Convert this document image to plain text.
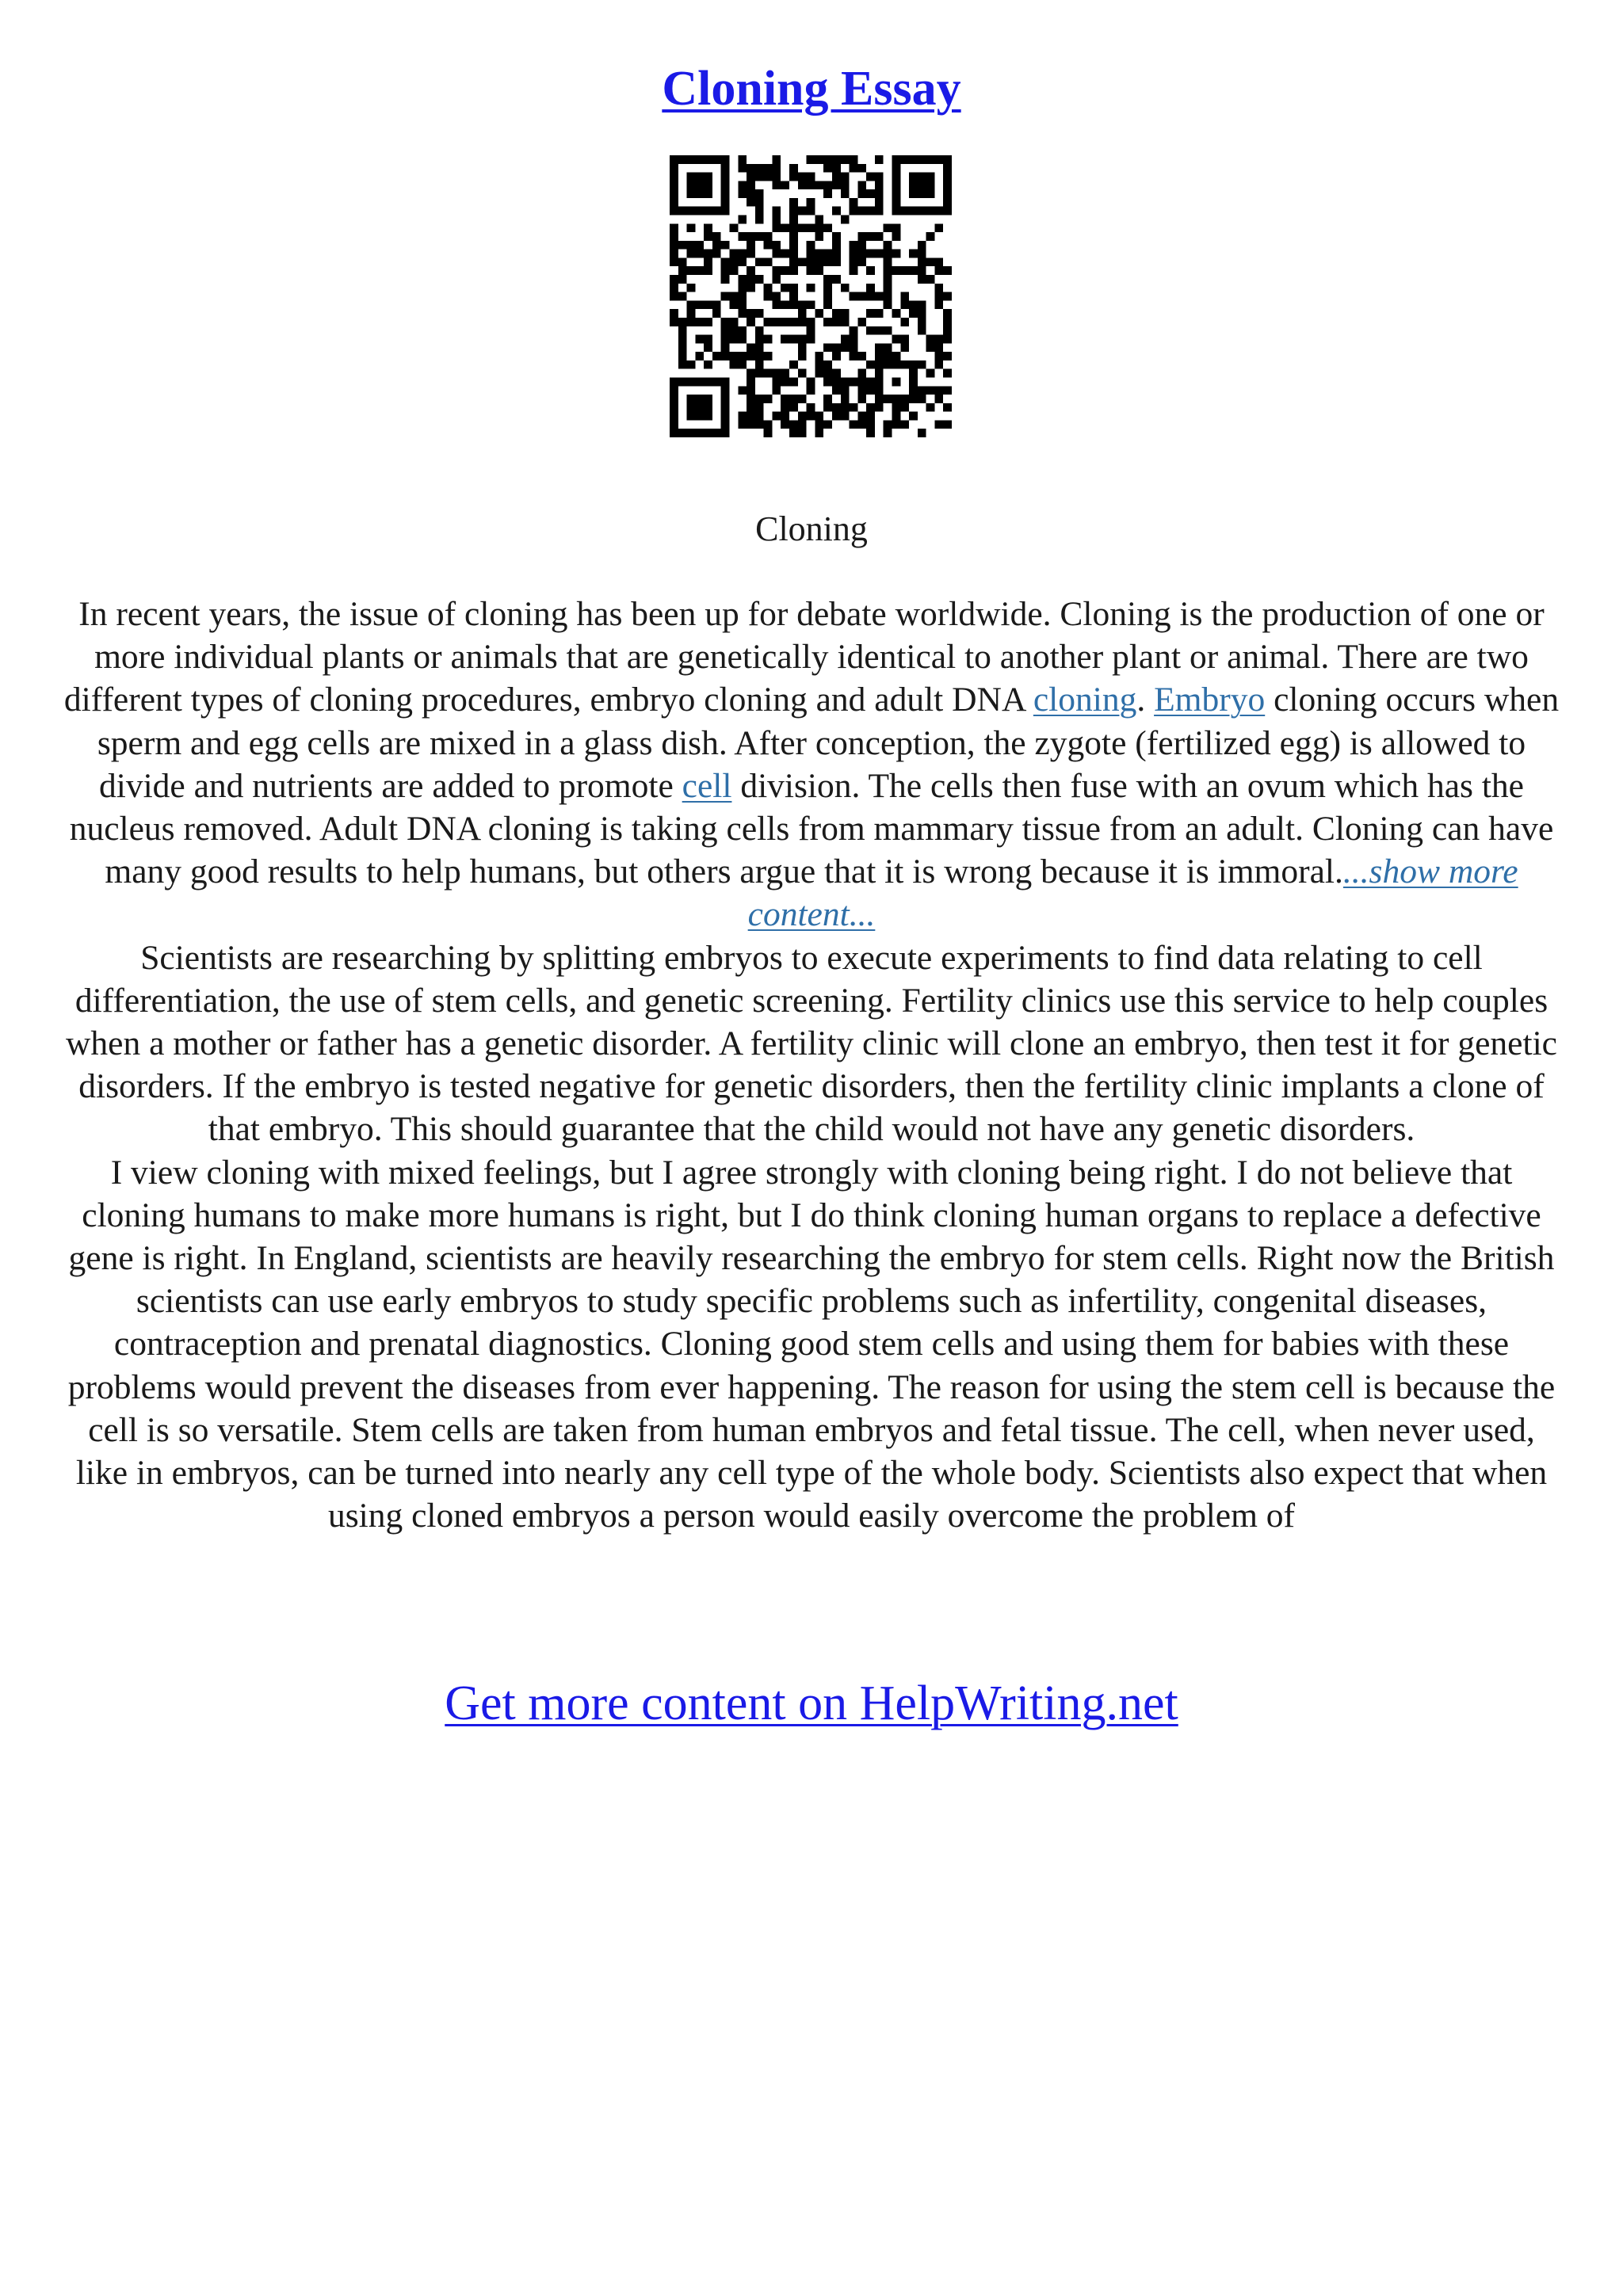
Cloning Essay
Cloning

In recent years, the issue of cloning has been up for debate worldwide. Cloning is the production of one or more individual plants or animals that are genetically identical to another plant or animal. There are two different types of cloning procedures, embryo cloning and adult DNA cloning. Embryo cloning occurs when sperm and egg cells are mixed in a glass dish. After conception, the zygote (fertilized egg) is allowed to divide and nutrients are added to promote cell division. The cells then fuse with an ovum which has the nucleus removed. Adult DNA cloning is taking cells from mammary tissue from an adult. Cloning can have many good results to help humans, but others argue that it is wrong because it is immoral....show more content...

Scientists are researching by splitting embryos to execute experiments to find data relating to cell differentiation, the use of stem cells, and genetic screening. Fertility clinics use this service to help couples when a mother or father has a genetic disorder. A fertility clinic will clone an embryo, then test it for genetic disorders. If the embryo is tested negative for genetic disorders, then the fertility clinic implants a clone of that embryo. This should guarantee that the child would not have any genetic disorders.

I view cloning with mixed feelings, but I agree strongly with cloning being right. I do not believe that cloning humans to make more humans is right, but I do think cloning human organs to replace a defective gene is right. In England, scientists are heavily researching the embryo for stem cells. Right now the British scientists can use early embryos to study specific problems such as infertility, congenital diseases, contraception and prenatal diagnostics. Cloning good stem cells and using them for babies with these problems would prevent the diseases from ever happening. The reason for using the stem cell is because the cell is so versatile. Stem cells are taken from human embryos and fetal tissue. The cell, when never used, like in embryos, can be turned into nearly any cell type of the whole body. Scientists also expect that when using cloned embryos a person would easily overcome the problem of

Get more content on HelpWriting.net
